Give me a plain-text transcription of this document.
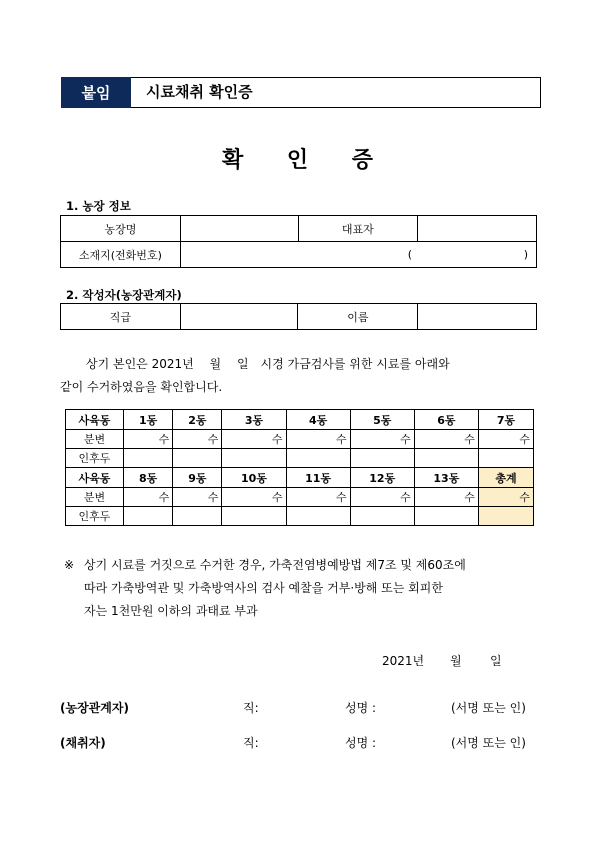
붙임	시료채취 확인증
확 인 증
1. 농장 정보
농장명		대표자	
소재지(전화번호)	( )		
2. 작성자(농장관계자)
직급		이름	
상기 본인은 2021년　 월　 일　시경 가금검사를 위한 시료를 아래와
같이 수거하였음을 확인합니다.
사육동	1동	2동	3동	4동	5동	6동	7동
분변	수	수	수	수	수	수	수
인후두							
사육동	8동	9동	10동	11동	12동	13동	총계
분변	수	수	수	수	수	수	수
인후두							
※ 상기 시료를 거짓으로 수거한 경우, 가축전염병예방법 제7조 및 제60조에
따라 가축방역관 및 가축방역사의 검사 예찰을 거부·방해 또는 회피한
자는 1천만원 이하의 과태료 부과
2021년 월 일
(농장관계자)	직:	성명 :	(서명 또는 인)
(채취자)	직:	성명 :	(서명 또는 인)
